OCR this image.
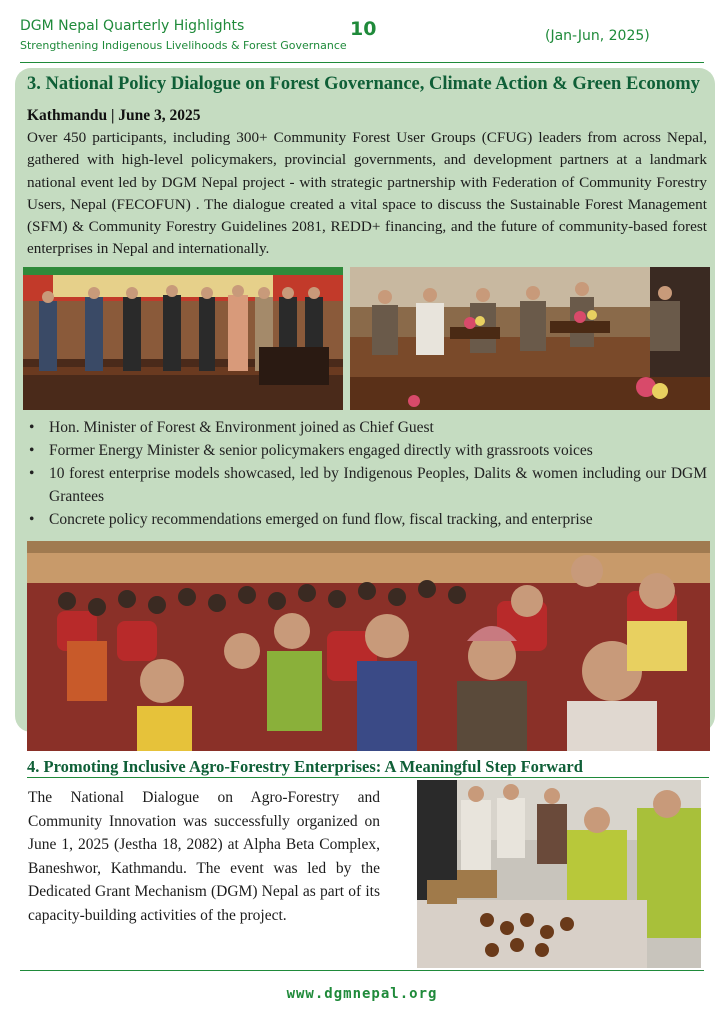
DGM Nepal Quarterly Highlights
Strengthening Indigenous Livelihoods & Forest Governance
10	(Jan-Jun, 2025)
3. National Policy Dialogue on Forest Governance, Climate Action & Green Economy
Kathmandu | June 3, 2025
Over 450 participants, including 300+ Community Forest User Groups (CFUG) leaders from across Nepal, gathered with high-level policymakers, provincial governments, and development partners at a landmark national event led by DGM Nepal project - with strategic partnership with Federation of Community Forestry Users, Nepal (FECOFUN) . The dialogue created a vital space to discuss the Sustainable Forest Management (SFM) & Community Forestry Guidelines 2081, REDD+ financing, and the future of community-based forest enterprises in Nepal and internationally.
• Hon. Minister of Forest & Environment joined as Chief Guest
• Former Energy Minister & senior policymakers engaged directly with grassroots voices
• 10 forest enterprise models showcased, led by Indigenous Peoples, Dalits & women including our DGM Grantees
• Concrete policy recommendations emerged on fund flow, fiscal tracking, and enterprise
4. Promoting Inclusive Agro-Forestry Enterprises: A Meaningful Step Forward
The National Dialogue on Agro-Forestry and Community Innovation was successfully organized on June 1, 2025 (Jestha 18, 2082) at Alpha Beta Complex, Baneshwor, Kathmandu. The event was led by the Dedicated Grant Mechanism (DGM) Nepal as part of its capacity-building activities of the project.
www.dgmnepal.org
